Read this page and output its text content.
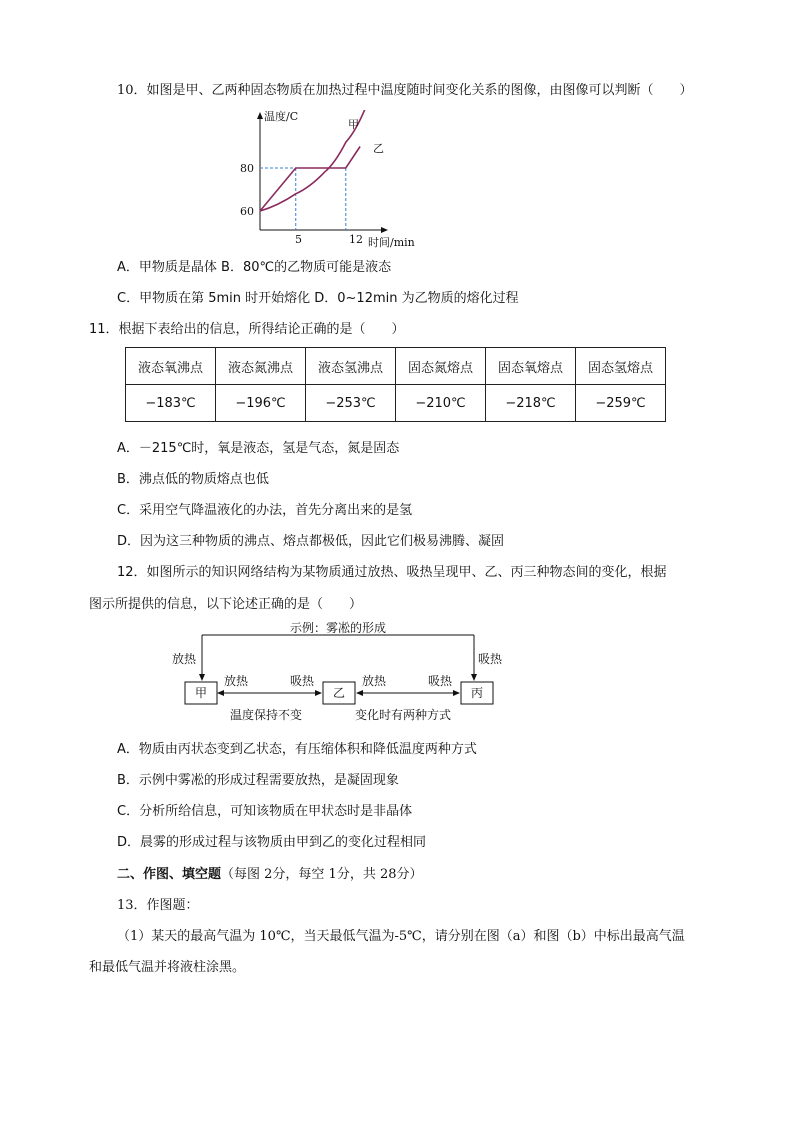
10．如图是甲、乙两种固态物质在加热过程中温度随时间变化关系的图像，由图像可以判断（　　）
温度/C
时间/min
80
60
5	12
甲
乙
A．甲物质是晶体 B．80℃的乙物质可能是液态
C．甲物质在第 5min 时开始熔化 D．0~12min 为乙物质的熔化过程
11．根据下表给出的信息，所得结论正确的是（　　）
液态氧沸点	液态氮沸点	液态氢沸点	固态氮熔点	固态氧熔点	固态氢熔点
−183℃	−196℃	−253℃	−210℃	−218℃	−259℃
A．－215℃时，氧是液态，氢是气态，氮是固态
B．沸点低的物质熔点也低
C．采用空气降温液化的办法，首先分离出来的是氢
D．因为这三种物质的沸点、熔点都极低，因此它们极易沸腾、凝固
12．如图所示的知识网络结构为某物质通过放热、吸热呈现甲、乙、丙三种物态间的变化，根据
图示所提供的信息，以下论述正确的是（　　）
示例：雾凇的形成
放热	吸热
甲	乙	丙
放热	吸热	放热	吸热
温度保持不变	变化时有两种方式
A．物质由丙状态变到乙状态，有压缩体积和降低温度两种方式
B．示例中雾凇的形成过程需要放热，是凝固现象
C．分析所给信息，可知该物质在甲状态时是非晶体
D．晨雾的形成过程与该物质由甲到乙的变化过程相同
二、作图、填空题（每图 2分，每空 1分，共 28分）
13．作图题：
（1）某天的最高气温为 10℃，当天最低气温为-5℃，请分别在图（a）和图（b）中标出最高气温
和最低气温并将液柱涂黑。
